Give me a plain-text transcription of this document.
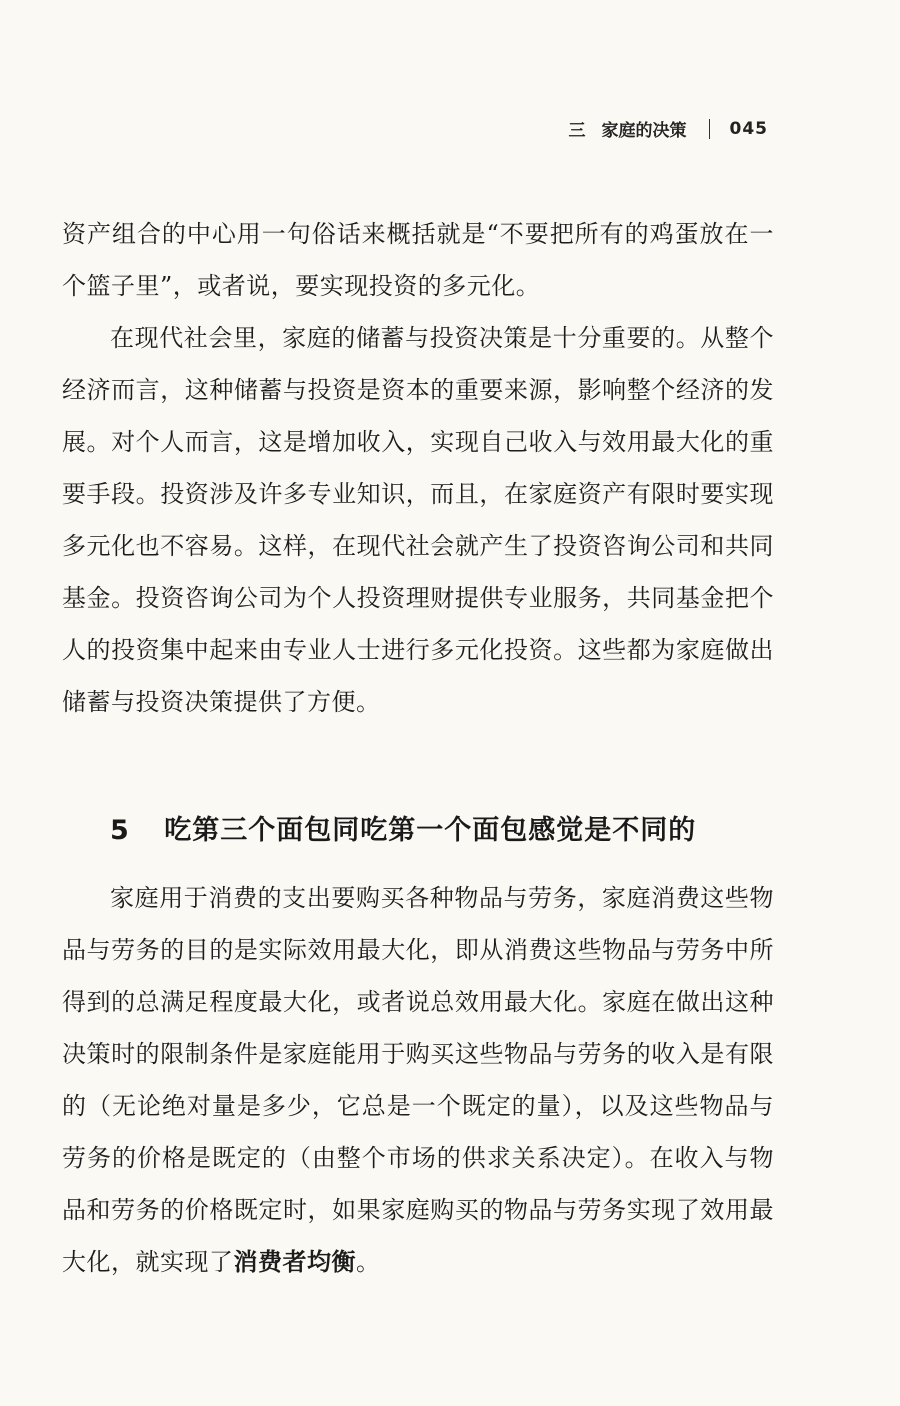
三 家庭的决策	045

资产组合的中心用一句俗话来概括就是“不要把所有的鸡蛋放在一个篮子里”，或者说，要实现投资的多元化。

在现代社会里，家庭的储蓄与投资决策是十分重要的。从整个经济而言，这种储蓄与投资是资本的重要来源，影响整个经济的发展。对个人而言，这是增加收入，实现自己收入与效用最大化的重要手段。投资涉及许多专业知识，而且，在家庭资产有限时要实现多元化也不容易。这样，在现代社会就产生了投资咨询公司和共同基金。投资咨询公司为个人投资理财提供专业服务，共同基金把个人的投资集中起来由专业人士进行多元化投资。这些都为家庭做出储蓄与投资决策提供了方便。

5 吃第三个面包同吃第一个面包感觉是不同的

家庭用于消费的支出要购买各种物品与劳务，家庭消费这些物品与劳务的目的是实际效用最大化，即从消费这些物品与劳务中所得到的总满足程度最大化，或者说总效用最大化。家庭在做出这种决策时的限制条件是家庭能用于购买这些物品与劳务的收入是有限的（无论绝对量是多少，它总是一个既定的量），以及这些物品与劳务的价格是既定的（由整个市场的供求关系决定）。在收入与物品和劳务的价格既定时，如果家庭购买的物品与劳务实现了效用最大化，就实现了消费者均衡。
